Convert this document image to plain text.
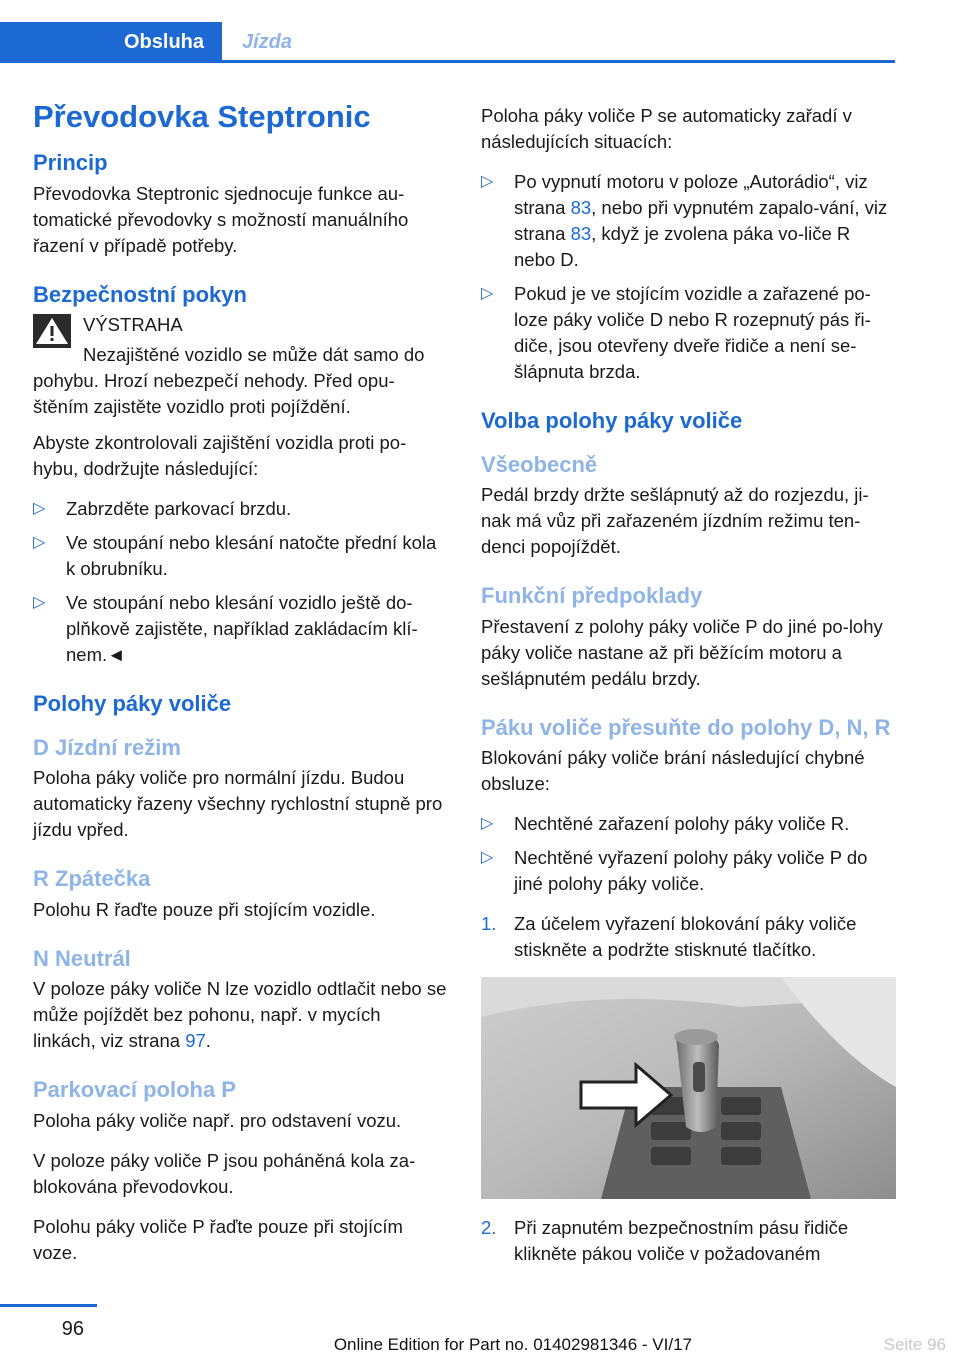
Obsluha	Jízda
Převodovka Steptronic
Princip

Převodovka Steptronic sjednocuje funkce au-tomatické převodovky s možností manuálního řazení v případě potřeby.

Bezpečnostní pokyn
VÝSTRAHA

Nezajištěné vozidlo se může dát samo do pohybu. Hrozí nebezpečí nehody. Před opu-štěním zajistěte vozidlo proti pojíždění.

Abyste zkontrolovali zajištění vozidla proti po-hybu, dodržujte následující:

▷ Zabrzděte parkovací brzdu.
▷ Ve stoupání nebo klesání natočte přední kola k obrubníku.
▷ Ve stoupání nebo klesání vozidlo ještě do-plňkově zajistěte, například zakládacím klí-nem.◄
Polohy páky voliče
D Jízdní režim

Poloha páky voliče pro normální jízdu. Budou automaticky řazeny všechny rychlostní stupně pro jízdu vpřed.

R Zpátečka

Polohu R řaďte pouze při stojícím vozidle.

N Neutrál

V poloze páky voliče N lze vozidlo odtlačit nebo se může pojíždět bez pohonu, např. v mycích linkách, viz strana 97.

Parkovací poloha P

Poloha páky voliče např. pro odstavení vozu.

V poloze páky voliče P jsou poháněná kola za-blokována převodovkou.

Polohu páky voliče P řaďte pouze při stojícím voze.

Poloha páky voliče P se automaticky zařadí v následujících situacích:

▷ Po vypnutí motoru v poloze „Autorádio“, viz strana 83, nebo při vypnutém zapalo-vání, viz strana 83, když je zvolena páka vo-liče R nebo D.
▷ Pokud je ve stojícím vozidle a zařazené po-loze páky voliče D nebo R rozepnutý pás ři-diče, jsou otevřeny dveře řidiče a není se-šlápnuta brzda.
Volba polohy páky voliče
Všeobecně

Pedál brzdy držte sešlápnutý až do rozjezdu, ji-nak má vůz při zařazeném jízdním režimu ten-denci popojíždět.

Funkční předpoklady

Přestavení z polohy páky voliče P do jiné po-lohy páky voliče nastane až při běžícím motoru a sešlápnutém pedálu brzdy.

Páku voliče přesuňte do polohy D, N, R

Blokování páky voliče brání následující chybné obsluze:

▷ Nechtěné zařazení polohy páky voliče R.
▷ Nechtěné vyřazení polohy páky voliče P do jiné polohy páky voliče.
1. Za účelem vyřazení blokování páky voliče stiskněte a podržte stisknuté tlačítko.
2. Při zapnutém bezpečnostním pásu řidiče klikněte pákou voliče v požadovaném
96
Online Edition for Part no. 01402981346 - VI/17	Seite 96
